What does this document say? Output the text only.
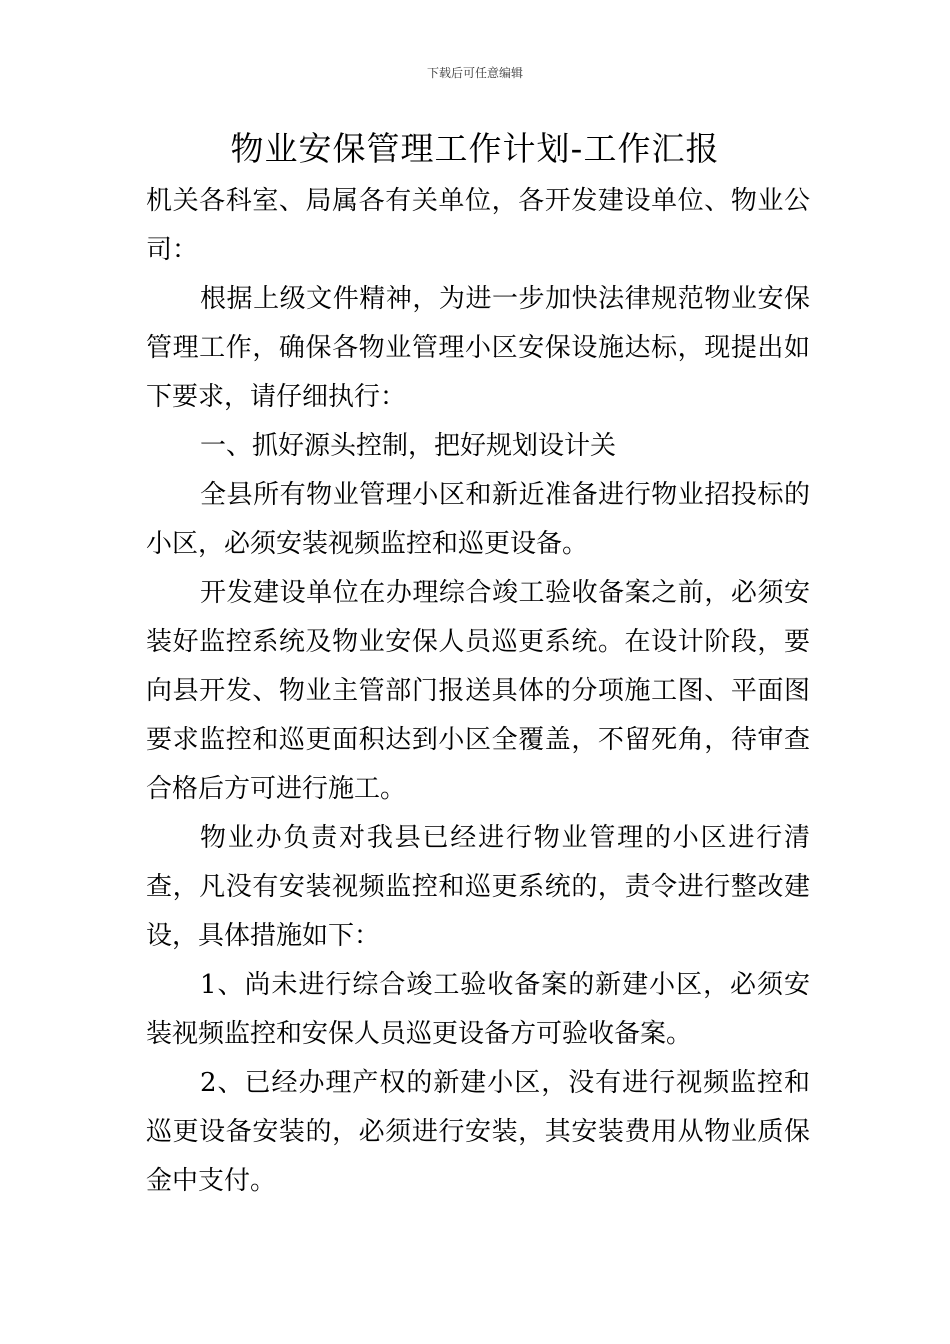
下载后可任意编辑
物业安保管理工作计划-工作汇报

机关各科室、局属各有关单位，各开发建设单位、物业公司：

根据上级文件精神，为进一步加快法律规范物业安保管理工作，确保各物业管理小区安保设施达标，现提出如下要求，请仔细执行：

一、抓好源头控制，把好规划设计关

全县所有物业管理小区和新近准备进行物业招投标的小区，必须安装视频监控和巡更设备。

开发建设单位在办理综合竣工验收备案之前，必须安装好监控系统及物业安保人员巡更系统。在设计阶段，要向县开发、物业主管部门报送具体的分项施工图、平面图要求监控和巡更面积达到小区全覆盖，不留死角，待审查合格后方可进行施工。

物业办负责对我县已经进行物业管理的小区进行清查，凡没有安装视频监控和巡更系统的，责令进行整改建设，具体措施如下：

1、尚未进行综合竣工验收备案的新建小区，必须安装视频监控和安保人员巡更设备方可验收备案。

2、已经办理产权的新建小区，没有进行视频监控和巡更设备安装的，必须进行安装，其安装费用从物业质保金中支付。
